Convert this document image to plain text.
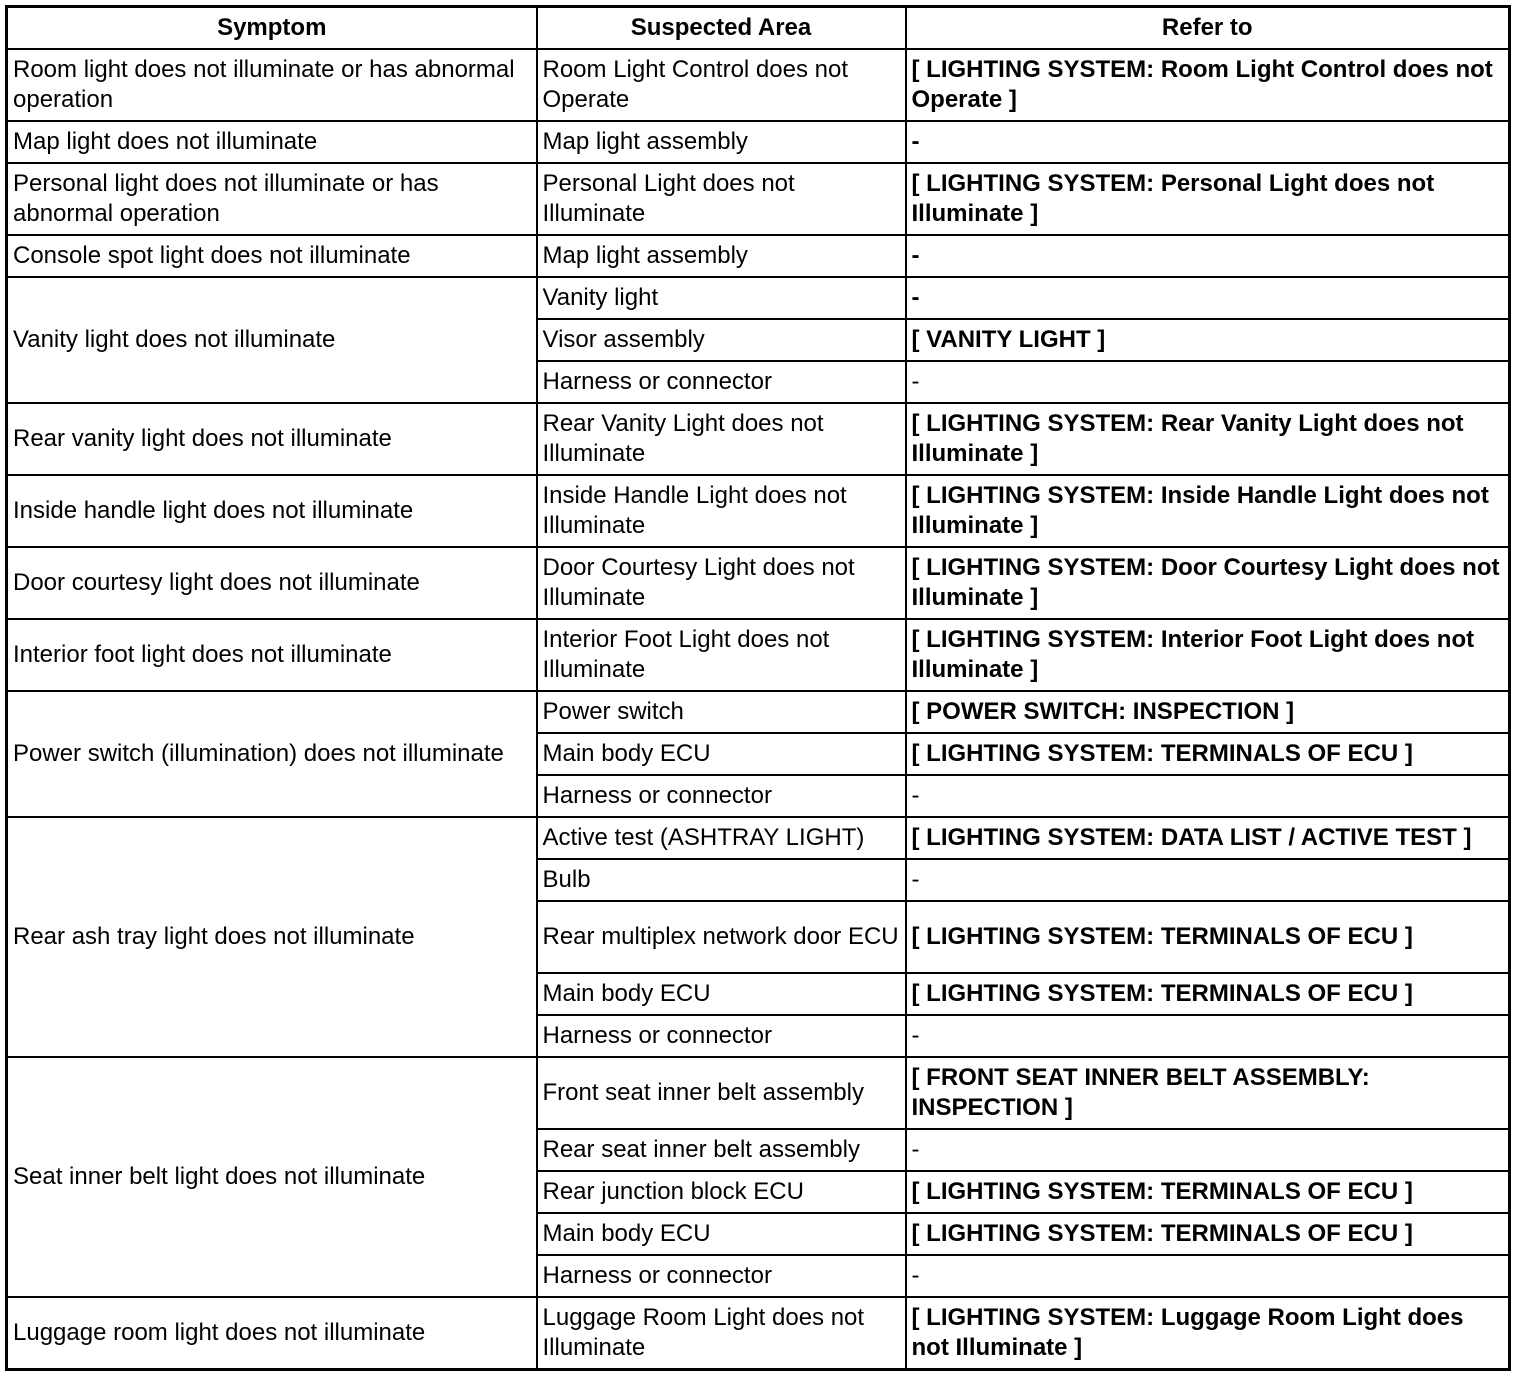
Symptom	Suspected Area	Refer to
Room light does not illuminate or has abnormal operation	Room Light Control does not Operate	[ LIGHTING SYSTEM: Room Light Control does not Operate ]
Map light does not illuminate	Map light assembly	-
Personal light does not illuminate or has abnormal operation	Personal Light does not Illuminate	[ LIGHTING SYSTEM: Personal Light does not Illuminate ]
Console spot light does not illuminate	Map light assembly	-
Vanity light does not illuminate	Vanity light	-
	Visor assembly	[ VANITY LIGHT ]
	Harness or connector	-
Rear vanity light does not illuminate	Rear Vanity Light does not Illuminate	[ LIGHTING SYSTEM: Rear Vanity Light does not Illuminate ]
Inside handle light does not illuminate	Inside Handle Light does not Illuminate	[ LIGHTING SYSTEM: Inside Handle Light does not Illuminate ]
Door courtesy light does not illuminate	Door Courtesy Light does not Illuminate	[ LIGHTING SYSTEM: Door Courtesy Light does not Illuminate ]
Interior foot light does not illuminate	Interior Foot Light does not Illuminate	[ LIGHTING SYSTEM: Interior Foot Light does not Illuminate ]
Power switch (illumination) does not illuminate	Power switch	[ POWER SWITCH: INSPECTION ]
	Main body ECU	[ LIGHTING SYSTEM: TERMINALS OF ECU ]
	Harness or connector	-
Rear ash tray light does not illuminate	Active test (ASHTRAY LIGHT)	[ LIGHTING SYSTEM: DATA LIST / ACTIVE TEST ]
	Bulb	-
	Rear multiplex network door ECU	[ LIGHTING SYSTEM: TERMINALS OF ECU ]
	Main body ECU	[ LIGHTING SYSTEM: TERMINALS OF ECU ]
	Harness or connector	-
Seat inner belt light does not illuminate	Front seat inner belt assembly	[ FRONT SEAT INNER BELT ASSEMBLY: INSPECTION ]
	Rear seat inner belt assembly	-
	Rear junction block ECU	[ LIGHTING SYSTEM: TERMINALS OF ECU ]
	Main body ECU	[ LIGHTING SYSTEM: TERMINALS OF ECU ]
	Harness or connector	-
Luggage room light does not illuminate	Luggage Room Light does not Illuminate	[ LIGHTING SYSTEM: Luggage Room Light does not Illuminate ]
